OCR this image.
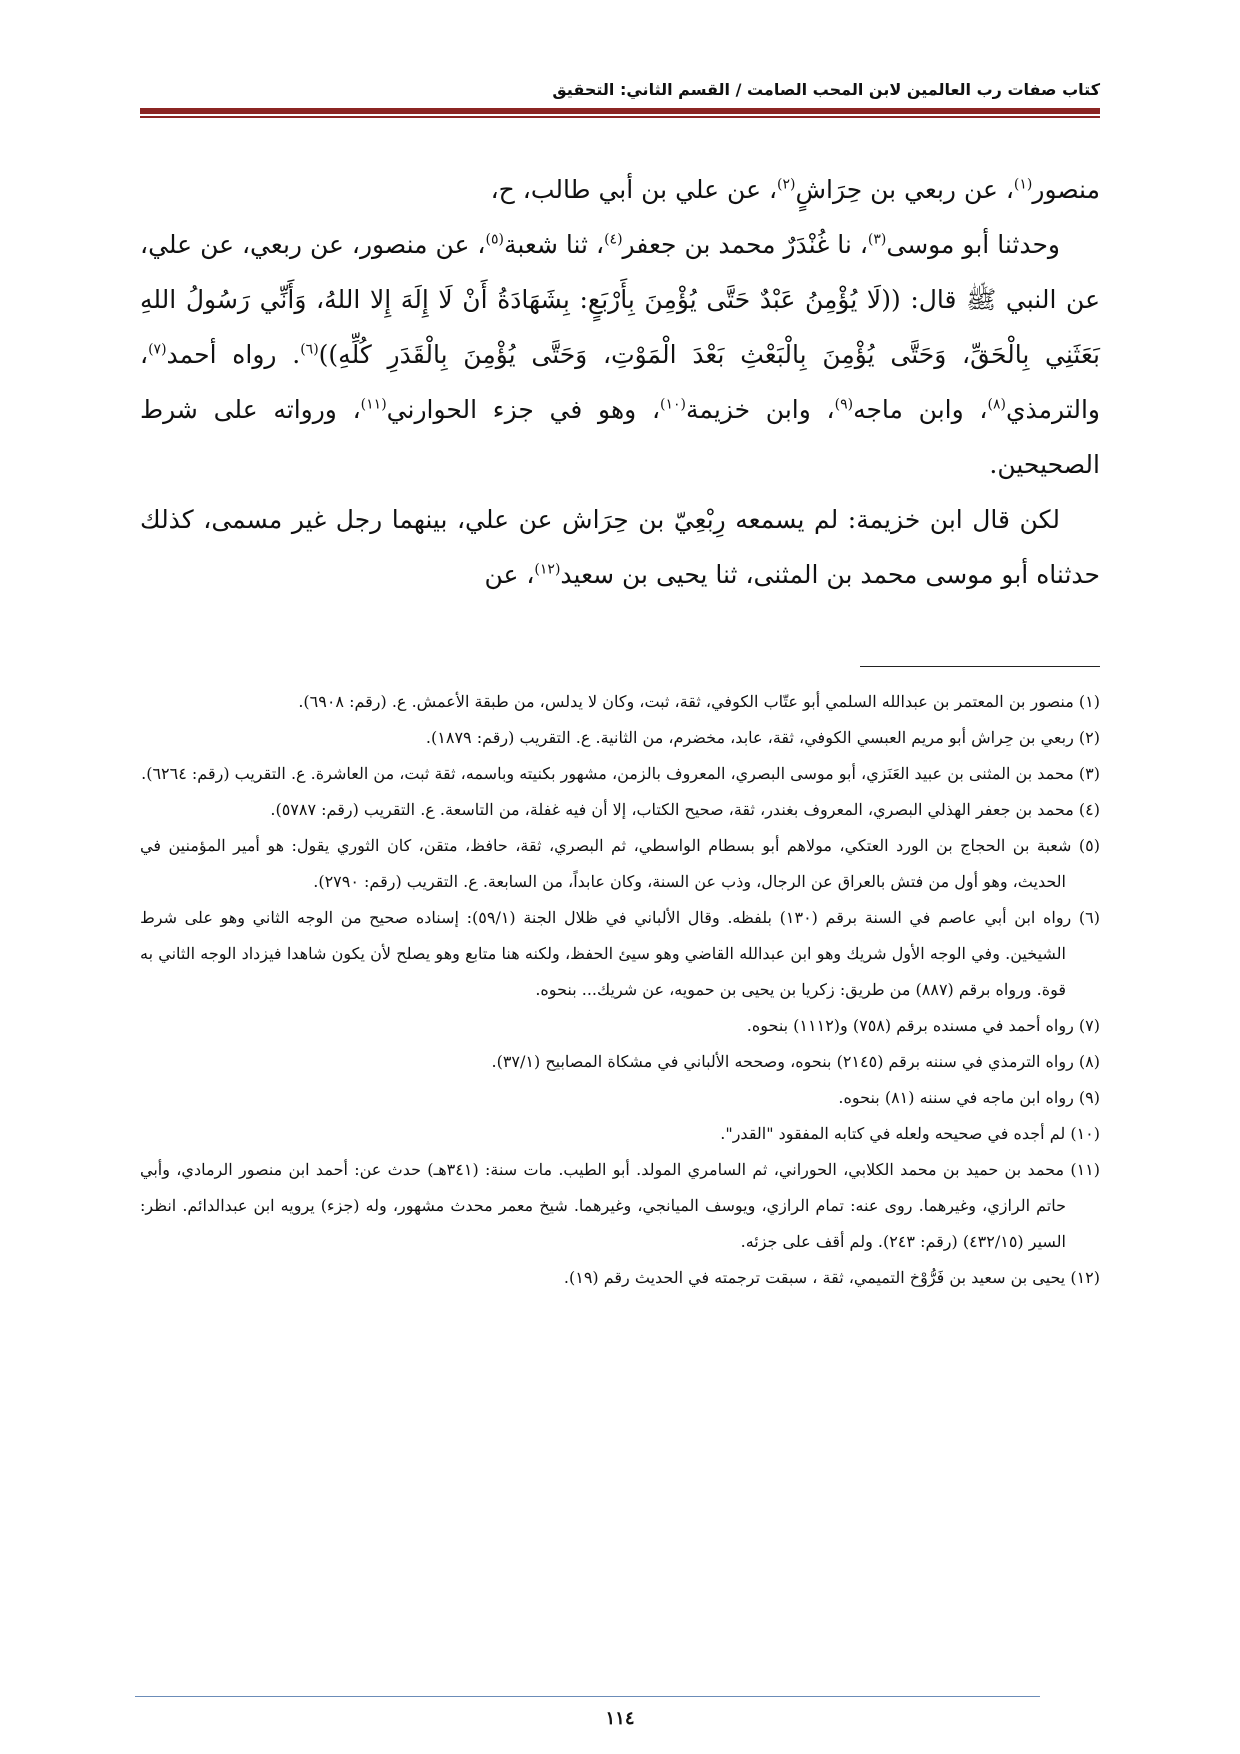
كتاب صفات رب العالمين لابن المحب الصامت / القسم الثاني: التحقيق

منصور$^{(١)}$، عن ربعي بن حِرَاشٍ$^{(٢)}$، عن علي بن أبي طالب، ح،

وحدثنا أبو موسى$^{(٣)}$، نا غُنْدَرٌ محمد بن جعفر$^{(٤)}$، ثنا شعبة$^{(٥)}$، عن منصور، عن ربعي، عن علي، عن النبي ﷺ قال: ((لَا يُؤْمِنُ عَبْدٌ حَتَّى يُؤْمِنَ بِأَرْبَعٍ: بِشَهَادَةُ أَنْ لَا إِلَهَ إِلا اللهُ، وَأَنِّي رَسُولُ اللهِ بَعَثَنِي بِالْحَقِّ، وَحَتَّى يُؤْمِنَ بِالْبَعْثِ بَعْدَ الْمَوْتِ، وَحَتَّى يُؤْمِنَ بِالْقَدَرِ كُلِّهِ))$^{(٦)}$. رواه أحمد$^{(٧)}$، والترمذي$^{(٨)}$، وابن ماجه$^{(٩)}$، وابن خزيمة$^{(١٠)}$، وهو في جزء الحوارني$^{(١١)}$، ورواته على شرط الصحيحين.

لكن قال ابن خزيمة: لم يسمعه رِبْعِيّ بن حِرَاش عن علي، بينهما رجل غير مسمى، كذلك حدثناه أبو موسى محمد بن المثنى، ثنا يحيى بن سعيد$^{(١٢)}$، عن

(١) منصور بن المعتمر بن عبدالله السلمي أبو عتّاب الكوفي، ثقة، ثبت، وكان لا يدلس، من طبقة الأعمش. ع. (رقم: ٦٩٠٨).

(٢) ربعي بن حِراش أبو مريم العبسي الكوفي، ثقة، عابد، مخضرم، من الثانية. ع. التقريب (رقم: ١٨٧٩).

(٣) محمد بن المثنى بن عبيد العَنَزي، أبو موسى البصري، المعروف بالزمن، مشهور بكنيته وباسمه، ثقة ثبت، من العاشرة. ع. التقريب (رقم: ٦٢٦٤).

(٤) محمد بن جعفر الهذلي البصري، المعروف بغندر، ثقة، صحيح الكتاب، إلا أن فيه غفلة، من التاسعة. ع. التقريب (رقم: ٥٧٨٧).

(٥) شعبة بن الحجاج بن الورد العتكي، مولاهم أبو بسطام الواسطي، ثم البصري، ثقة، حافظ، متقن، كان الثوري يقول: هو أمير المؤمنين في الحديث، وهو أول من فتش بالعراق عن الرجال، وذب عن السنة، وكان عابداً، من السابعة. ع. التقريب (رقم: ٢٧٩٠).

(٦) رواه ابن أبي عاصم في السنة برقم (١٣٠) بلفظه. وقال الألباني في ظلال الجنة (٥٩/١): إسناده صحيح من الوجه الثاني وهو على شرط الشيخين. وفي الوجه الأول شريك وهو ابن عبدالله القاضي وهو سيئ الحفظ، ولكنه هنا متابع وهو يصلح لأن يكون شاهدا فيزداد الوجه الثاني به قوة. ورواه برقم (٨٨٧) من طريق: زكريا بن يحيى بن حمويه، عن شريك... بنحوه.

(٧) رواه أحمد في مسنده برقم (٧٥٨) و(١١١٢) بنحوه.

(٨) رواه الترمذي في سننه برقم (٢١٤٥) بنحوه، وصححه الألباني في مشكاة المصابيح (٣٧/١).

(٩) رواه ابن ماجه في سننه (٨١) بنحوه.

(١٠) لم أجده في صحيحه ولعله في كتابه المفقود "القدر".

(١١) محمد بن حميد بن محمد الكلابي، الحوراني، ثم السامري المولد. أبو الطيب. مات سنة: (٣٤١هـ) حدث عن: أحمد ابن منصور الرمادي، وأبي حاتم الرازي، وغيرهما. روى عنه: تمام الرازي، ويوسف الميانجي، وغيرهما. شيخ معمر محدث مشهور، وله (جزء) يرويه ابن عبدالدائم. انظر: السير (٤٣٢/١٥) (رقم: ٢٤٣). ولم أقف على جزئه.

(١٢) يحيى بن سعيد بن فَرُّوْخ التميمي، ثقة ، سبقت ترجمته في الحديث رقم (١٩).

١١٤
